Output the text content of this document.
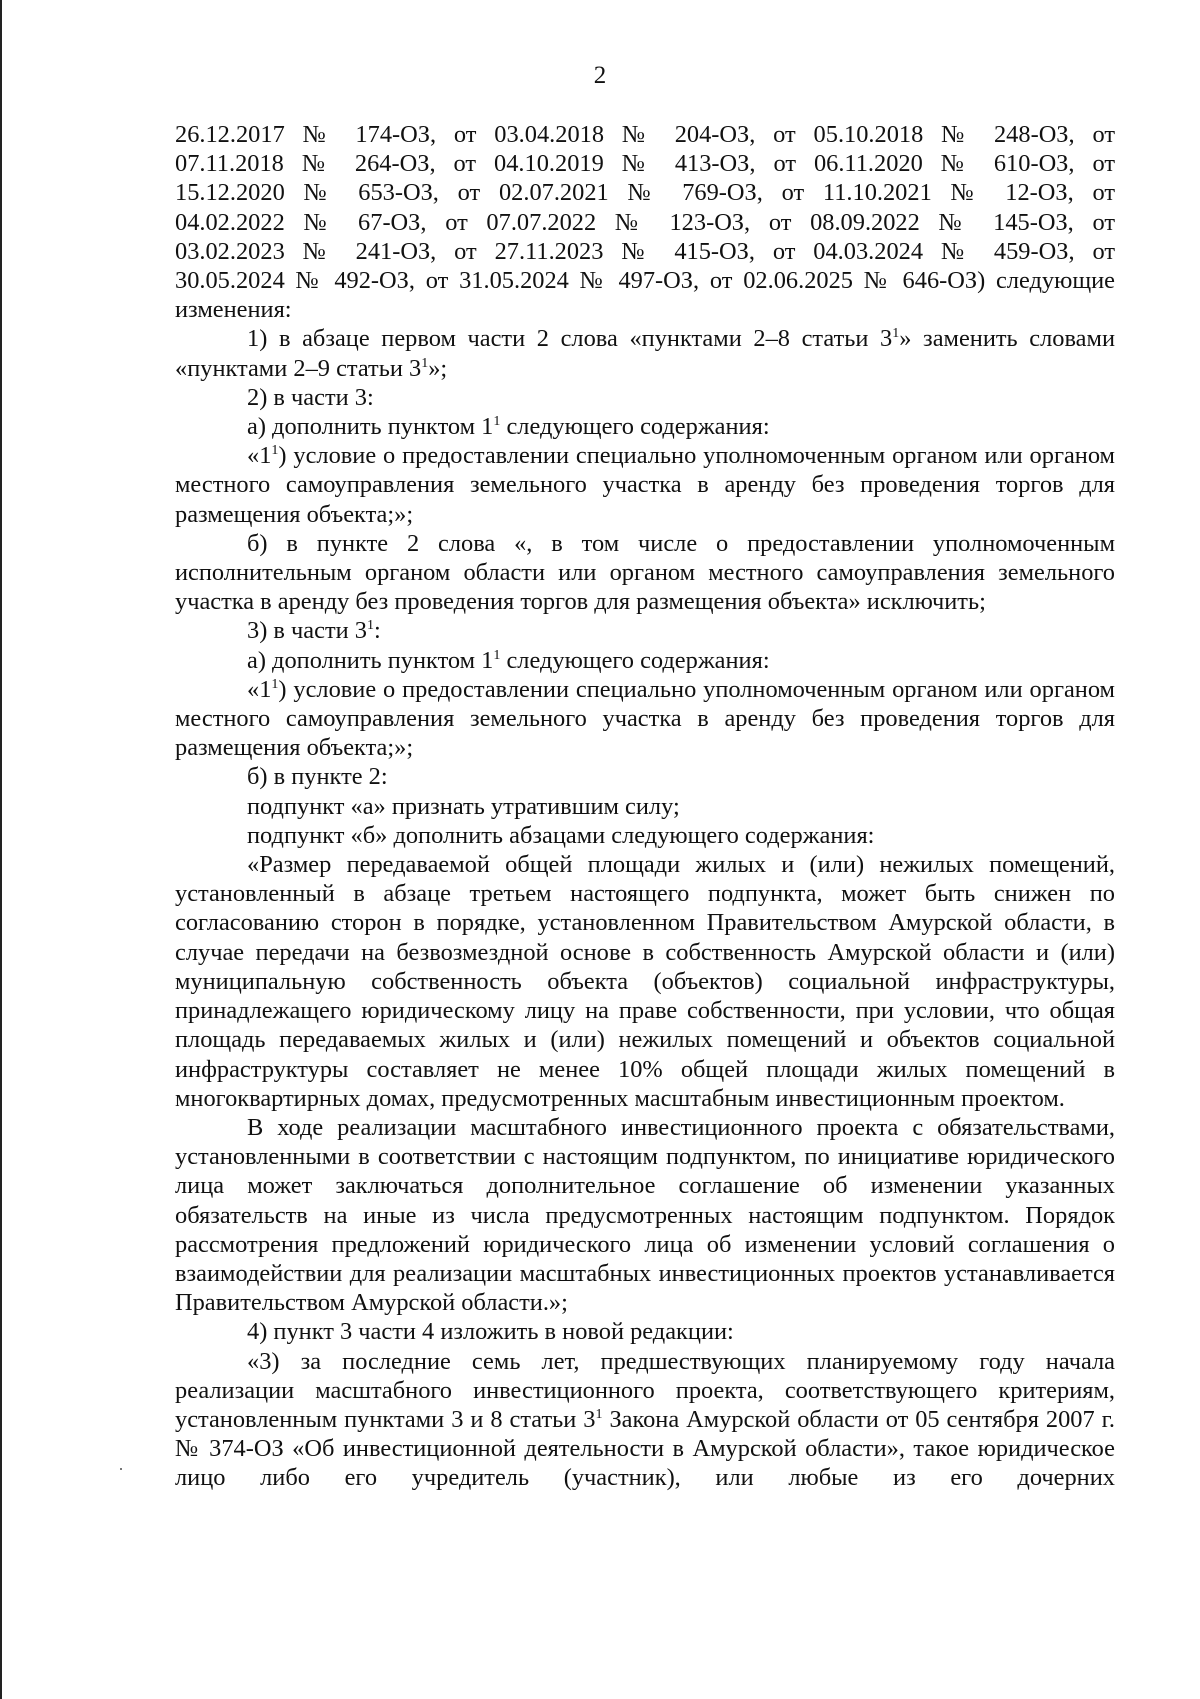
2

26.12.2017 № 174-ОЗ, от 03.04.2018 № 204-ОЗ, от 05.10.2018 № 248-ОЗ, от

07.11.2018 № 264-ОЗ, от 04.10.2019 № 413-ОЗ, от 06.11.2020 № 610-ОЗ, от

15.12.2020 № 653-ОЗ, от 02.07.2021 № 769-ОЗ, от 11.10.2021 № 12-ОЗ, от

04.02.2022 № 67-ОЗ, от 07.07.2022 № 123-ОЗ, от 08.09.2022 № 145-ОЗ, от

03.02.2023 № 241-ОЗ, от 27.11.2023 № 415-ОЗ, от 04.03.2024 № 459-ОЗ, от

30.05.2024 № 492-ОЗ, от 31.05.2024 № 497-ОЗ, от 02.06.2025 № 646-ОЗ) следующие

изменения:

1) в абзаце первом части 2 слова «пунктами 2–8 статьи $3^1$» заменить словами «пунктами 2–9 статьи $3^1$»;

2) в части 3:

а) дополнить пунктом $1^1$ следующего содержания:

«$1^1$) условие о предоставлении специально уполномоченным органом или органом местного самоуправления земельного участка в аренду без проведения торгов для размещения объекта;»;

б) в пункте 2 слова «, в том числе о предоставлении уполномоченным исполнительным органом области или органом местного самоуправления земельного участка в аренду без проведения торгов для размещения объекта» исключить;

3) в части $3^1$:

а) дополнить пунктом $1^1$ следующего содержания:

«$1^1$) условие о предоставлении специально уполномоченным органом или органом местного самоуправления земельного участка в аренду без проведения торгов для размещения объекта;»;

б) в пункте 2:

подпункт «а» признать утратившим силу;

подпункт «б» дополнить абзацами следующего содержания:

«Размер передаваемой общей площади жилых и (или) нежилых помещений, установленный в абзаце третьем настоящего подпункта, может быть снижен по согласованию сторон в порядке, установленном Правительством Амурской области, в случае передачи на безвозмездной основе в собственность Амурской области и (или) муниципальную собственность объекта (объектов) социальной инфраструктуры, принадлежащего юридическому лицу на праве собственности, при условии, что общая площадь передаваемых жилых и (или) нежилых помещений и объектов социальной инфраструктуры составляет не менее 10% общей площади жилых помещений в многоквартирных домах, предусмотренных масштабным инвестиционным проектом.

В ходе реализации масштабного инвестиционного проекта с обязательствами, установленными в соответствии с настоящим подпунктом, по инициативе юридического лица может заключаться дополнительное соглашение об изменении указанных обязательств на иные из числа предусмотренных настоящим подпунктом. Порядок рассмотрения предложений юридического лица об изменении условий соглашения о взаимодействии для реализации масштабных инвестиционных проектов устанавливается Правительством Амурской области.»;

4) пункт 3 части 4 изложить в новой редакции:

«3) за последние семь лет, предшествующих планируемому году начала реализации масштабного инвестиционного проекта, соответствующего критериям, установленным пунктами 3 и 8 статьи $3^1$ Закона Амурской области от 05 сентября 2007 г. № 374-ОЗ «Об инвестиционной деятельности в Амурской области», такое юридическое лицо либо его учредитель (участник), или любые из его дочерних
